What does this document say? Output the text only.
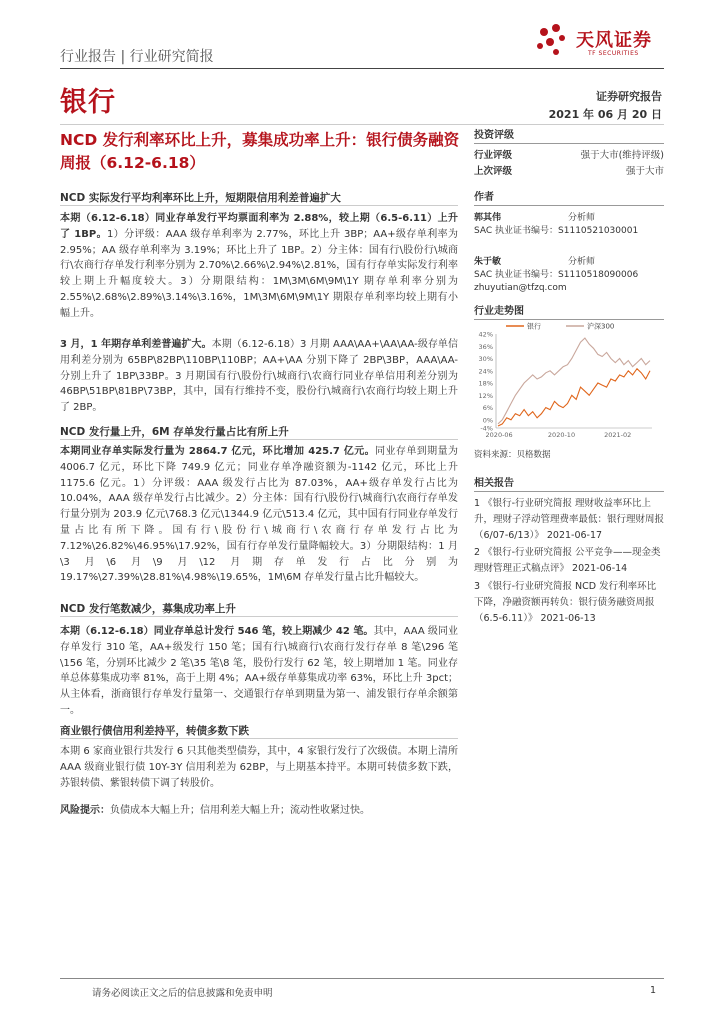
行业报告 | 行业研究简报
天风证券
TF SECURITIES
银行	证券研究报告
2021 年 06 月 20 日
NCD 发行利率环比上升，募集成功率上升：银行债务融资周报（6.12-6.18）
NCD 实际发行平均利率环比上升，短期限信用利差普遍扩大
本期（6.12-6.18）同业存单发行平均票面利率为 2.88%，较上期（6.5-6.11）上升了 1BP。1）分评级：AAA 级存单利率为 2.77%，环比上升 3BP；AA+级存单利率为 2.95%；AA 级存单利率为 3.19%；环比上升了 1BP。2）分主体：国有行\股份行\城商行\农商行存单发行利率分别为 2.70%\2.66%\2.94%\2.81%，国有行存单实际发行利率较上期上升幅度较大。3）分期限结构：1M\3M\6M\9M\1Y 期存单利率分别为 2.55%\2.68%\2.89%\3.14%\3.16%，1M\3M\6M\9M\1Y 期限存单利率均较上期有小幅上升。
3 月，1 年期存单利差普遍扩大。本期（6.12-6.18）3 月期 AAA\AA+\AA\AA-级存单信用利差分别为 65BP\82BP\110BP\110BP；AA+\AA 分别下降了 2BP\3BP，AAA\AA-分别上升了 1BP\33BP。3 月期国有行\股份行\城商行\农商行同业存单信用利差分别为 46BP\51BP\81BP\73BP，其中，国有行维持不变，股份行\城商行\农商行均较上期上升了 2BP。
NCD 发行量上升，6M 存单发行量占比有所上升
本期同业存单实际发行量为 2864.7 亿元，环比增加 425.7 亿元。同业存单到期量为 4006.7 亿元，环比下降 749.9 亿元；同业存单净融资额为-1142 亿元，环比上升 1175.6 亿元。1）分评级：AAA 级发行占比为 87.03%，AA+级存单发行占比为 10.04%，AAA 级存单发行占比减少。2）分主体：国有行\股份行\城商行\农商行存单发行量分别为 203.9 亿元\768.3 亿元\1344.9 亿元\513.4 亿元，其中国有行同业存单发行量占比有所下降。国有行\股份行\城商行\农商行存单发行占比为 7.12%\26.82%\46.95%\17.92%，国有行存单发行量降幅较大。3）分期限结构：1 月\3 月\6 月\9 月\12 月期存单发行占比分别为 19.17%\27.39%\28.81%\4.98%\19.65%，1M\6M 存单发行量占比升幅较大。
NCD 发行笔数减少，募集成功率上升
本期（6.12-6.18）同业存单总计发行 546 笔，较上期减少 42 笔。其中，AAA 级同业存单发行 310 笔，AA+级发行 150 笔；国有行\城商行\农商行发行存单 8 笔\296 笔\156 笔，分别环比减少 2 笔\35 笔\8 笔，股份行发行 62 笔，较上期增加 1 笔。同业存单总体募集成功率 81%，高于上期 4%；AA+级存单募集成功率 63%，环比上升 3pct；从主体看，浙商银行存单发行量第一、交通银行存单到期量为第一、浦发银行存单余额第一。
商业银行债信用利差持平，转债多数下跌
本期 6 家商业银行共发行 6 只其他类型债券，其中，4 家银行发行了次级债。本期上清所 AAA 级商业银行债 10Y-3Y 信用利差为 62BP，与上期基本持平。本期可转债多数下跌，苏银转债、紫银转债下调了转股价。
风险提示：负债成本大幅上升；信用利差大幅上升；流动性收紧过快。
投资评级
行业评级	强于大市(维持评级)
上次评级	强于大市
作者
郭其伟	分析师
SAC 执业证书编号：S1110521030001
朱于敏	分析师
SAC 执业证书编号：S1110518090006
zhuyutian@tfzq.com
行业走势图
-4%
0%
6%
12%
18%
24%
30%
36%
42%
2020-06	2020-10	2021-02
银行	沪深300
资料来源：贝格数据
相关报告
1 《银行-行业研究简报 理财收益率环比上升，理财子浮动管理费率最低：银行理财周报（6/07-6/13）》 2021-06-17
2 《银行-行业研究简报 公平竞争——现金类理财管理正式稿点评》 2021-06-14
3 《银行-行业研究简报 NCD 发行利率环比下降，净融资额再转负：银行债务融资周报（6.5-6.11）》 2021-06-13
请务必阅读正文之后的信息披露和免责申明	1
